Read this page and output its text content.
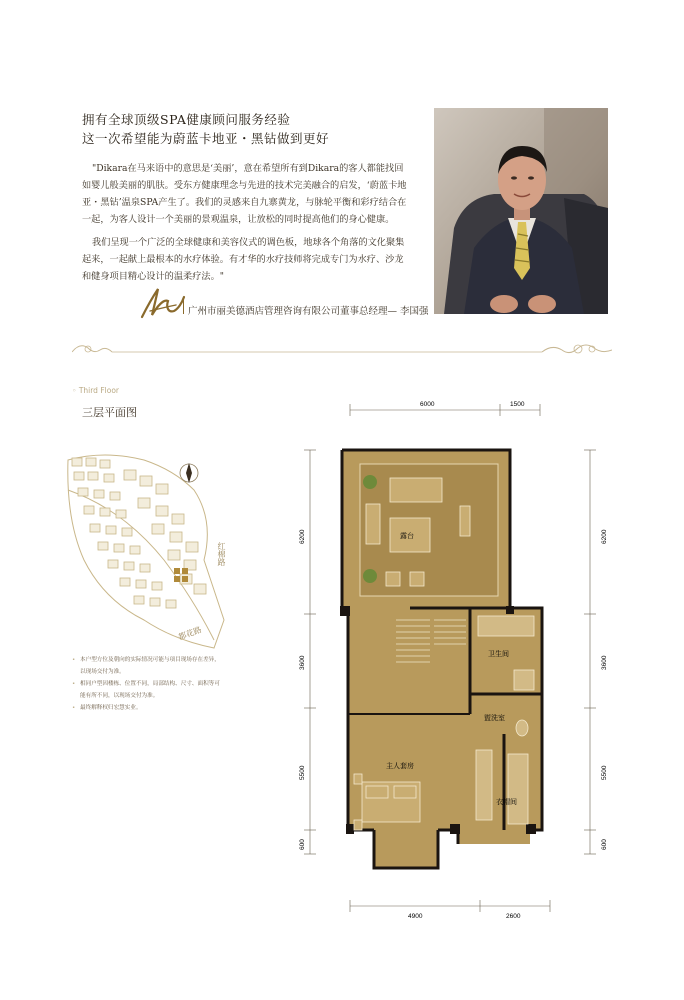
拥有全球顶级SPA健康顾问服务经验
这一次希望能为蔚蓝卡地亚・黑钻做到更好
"Dikara在马来语中的意思是‘美丽’，意在希望所有到Dikara的客人都能找回如婴儿般美丽的肌肤。受东方健康理念与先进的技术完美融合的启发，‘蔚蓝卡地亚・黑钻’温泉SPA产生了。我们的灵感来自九寨黄龙，与脉轮平衡和彩疗结合在一起，为客人设计一个美丽的景观温泉，让放松的同时提高他们的身心健康。
我们呈现一个广泛的全球健康和美容仪式的调色板，地球各个角落的文化聚集起来，一起献上最根本的水疗体验。有才华的水疗技师将完成专门为水疗、沙龙和健身项目精心设计的温柔疗法。"
广州市丽美德酒店管理咨询有限公司董事总经理— 李国强
◦ Third Floor
三层平面图
红棉路
都花路
• 本户型方位及朝向的实际情况可能与项目现场存在差异，以现场交付为准。
• 相同户型因楼栋、位置不同，局部结构、尺寸、面积等可能有所不同，以现场交付为准。
• 最终解释权归宏慧实业。
6000	1500
4900	2600
6200
3600
5500
600
6200
3600
5500
600
露台
卫生间
盥洗室
主人套房
衣帽间
